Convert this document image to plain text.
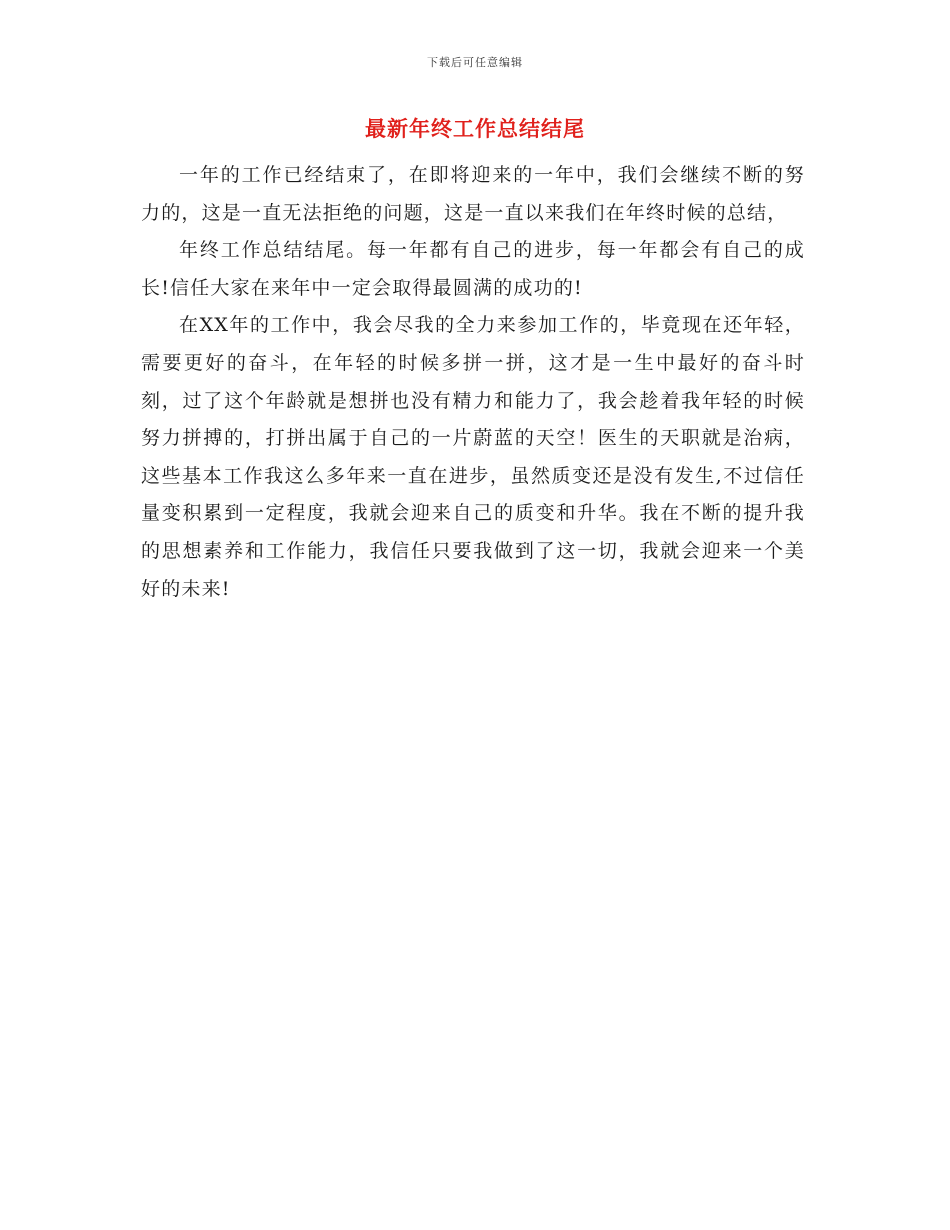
下载后可任意编辑
最新年终工作总结结尾

一年的工作已经结束了，在即将迎来的一年中，我们会继续不断的努力的，这是一直无法拒绝的问题，这是一直以来我们在年终时候的总结，

年终工作总结结尾。每一年都有自己的进步，每一年都会有自己的成长!信任大家在来年中一定会取得最圆满的成功的!

在XX年的工作中，我会尽我的全力来参加工作的，毕竟现在还年轻，需要更好的奋斗，在年轻的时候多拼一拼，这才是一生中最好的奋斗时刻，过了这个年龄就是想拼也没有精力和能力了，我会趁着我年轻的时候努力拼搏的，打拼出属于自己的一片蔚蓝的天空！医生的天职就是治病，这些基本工作我这么多年来一直在进步，虽然质变还是没有发生,不过信任量变积累到一定程度，我就会迎来自己的质变和升华。我在不断的提升我的思想素养和工作能力，我信任只要我做到了这一切，我就会迎来一个美好的未来!
